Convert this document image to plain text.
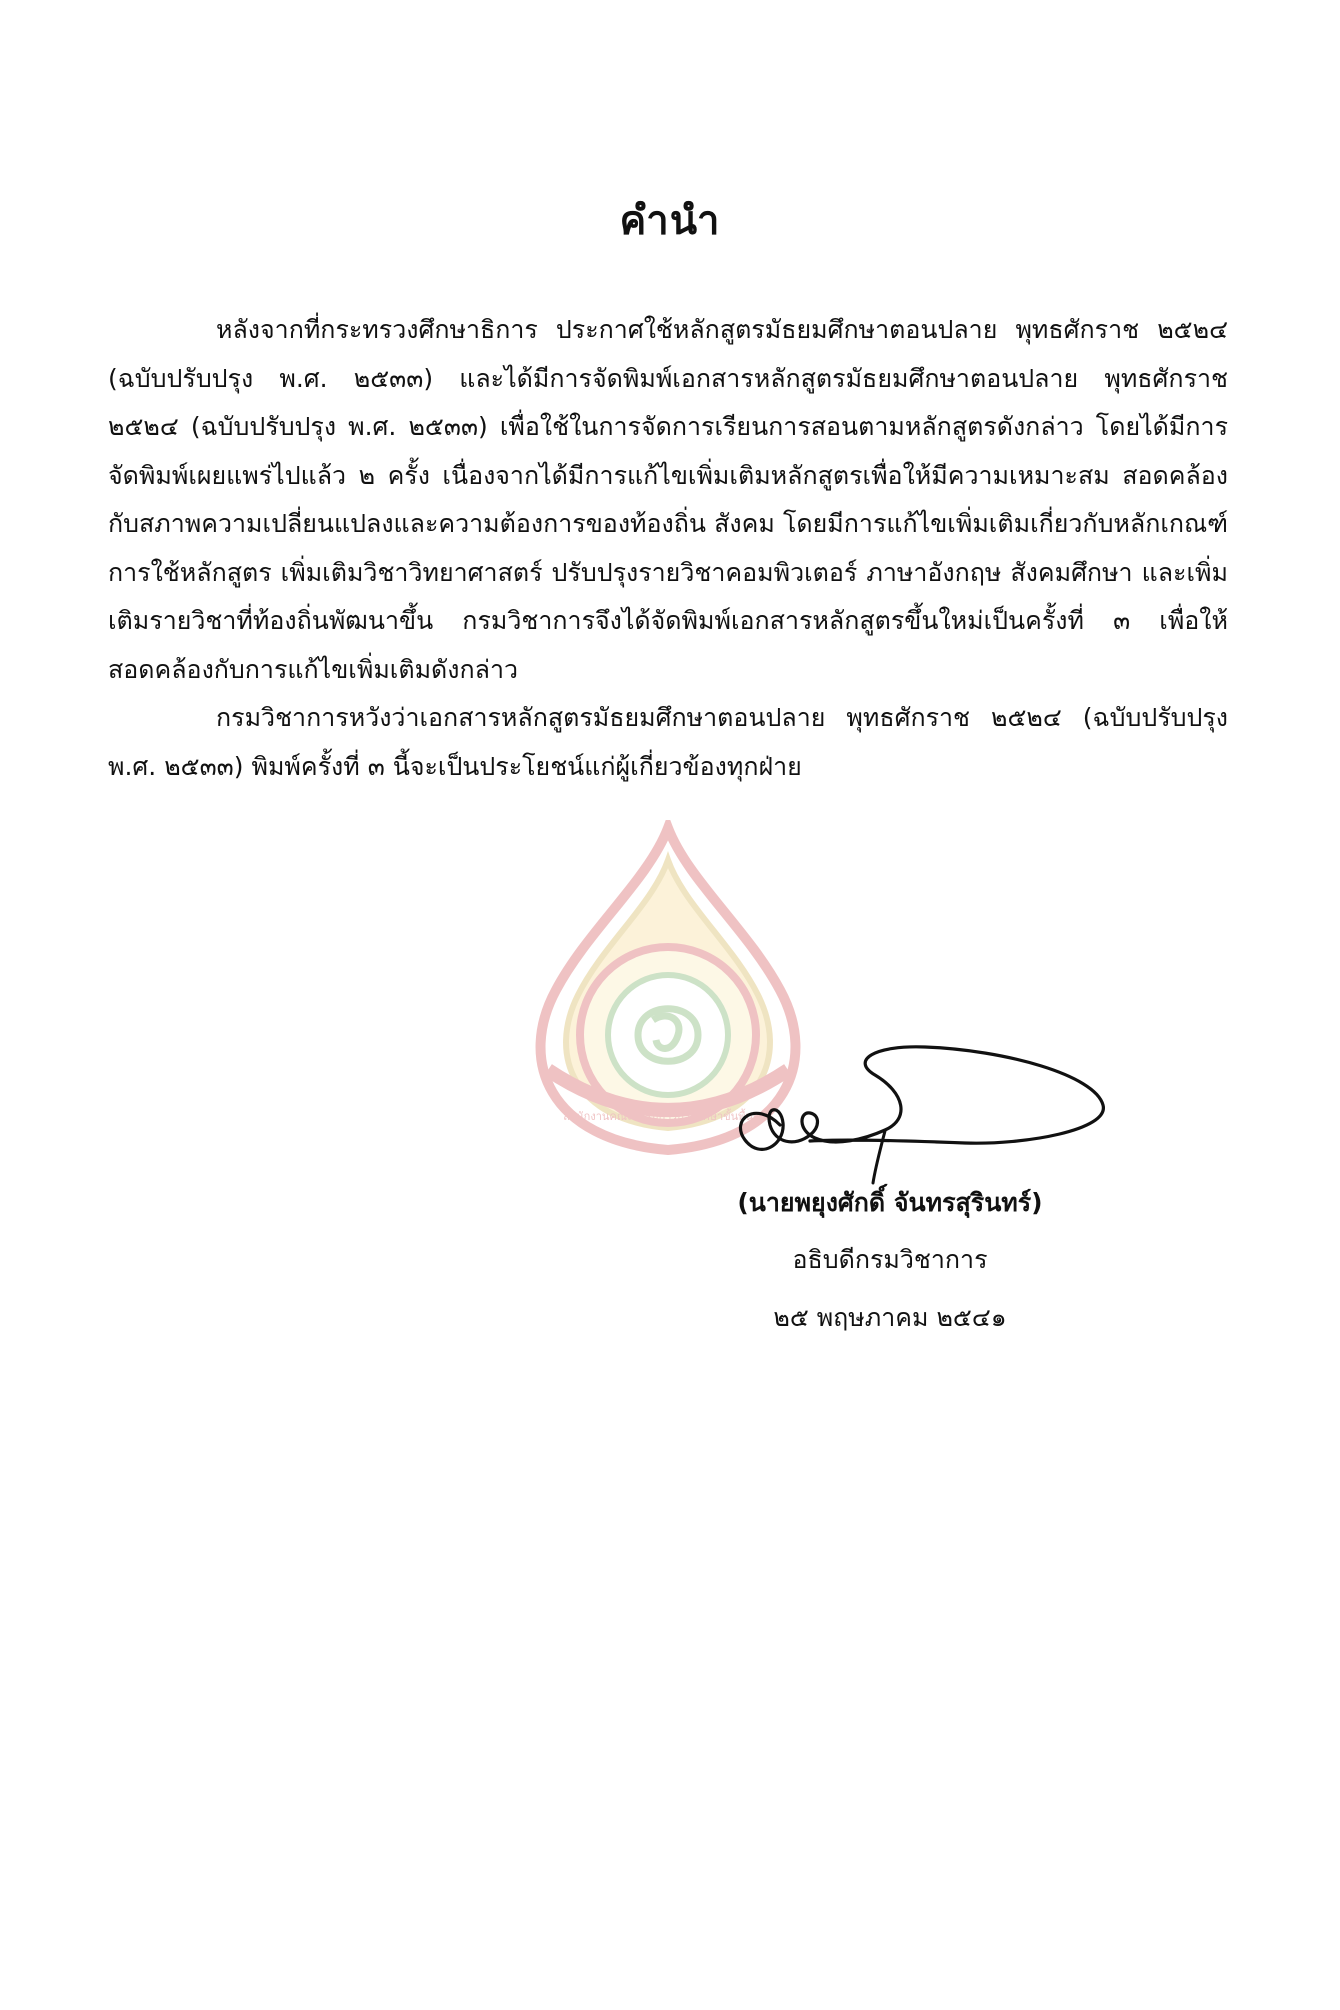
คำนำ
สำนักงานคณะกรรมการการศึกษาขั้นพื้นฐาน

หลังจากที่กระทรวงศึกษาธิการ ประกาศใช้หลักสูตรมัธยมศึกษาตอนปลาย พุทธศักราช ๒๕๒๔ (ฉบับปรับปรุง พ.ศ. ๒๕๓๓) และได้มีการจัดพิมพ์เอกสารหลักสูตรมัธยมศึกษาตอนปลาย พุทธศักราช ๒๕๒๔ (ฉบับปรับปรุง พ.ศ. ๒๕๓๓) เพื่อใช้ในการจัดการเรียนการสอนตามหลักสูตรดังกล่าว โดยได้มีการจัดพิมพ์เผยแพร่ไปแล้ว ๒ ครั้ง เนื่องจากได้มีการแก้ไขเพิ่มเติมหลักสูตรเพื่อให้มีความเหมาะสม สอดคล้องกับสภาพความเปลี่ยนแปลงและความต้องการของท้องถิ่น สังคม โดยมีการแก้ไขเพิ่มเติมเกี่ยวกับหลักเกณฑ์การใช้หลักสูตร เพิ่มเติมวิชาวิทยาศาสตร์ ปรับปรุงรายวิชาคอมพิวเตอร์ ภาษาอังกฤษ สังคมศึกษา และเพิ่มเติมรายวิชาที่ท้องถิ่นพัฒนาขึ้น กรมวิชาการจึงได้จัดพิมพ์เอกสารหลักสูตรขึ้นใหม่เป็นครั้งที่ ๓ เพื่อให้สอดคล้องกับการแก้ไขเพิ่มเติมดังกล่าว

กรมวิชาการหวังว่าเอกสารหลักสูตรมัธยมศึกษาตอนปลาย พุทธศักราช ๒๕๒๔ (ฉบับปรับปรุง พ.ศ. ๒๕๓๓) พิมพ์ครั้งที่ ๓ นี้จะเป็นประโยชน์แก่ผู้เกี่ยวข้องทุกฝ่าย

(นายพยุงศักดิ์ จันทรสุรินทร์)
อธิบดีกรมวิชาการ
๒๕ พฤษภาคม ๒๕๔๑
